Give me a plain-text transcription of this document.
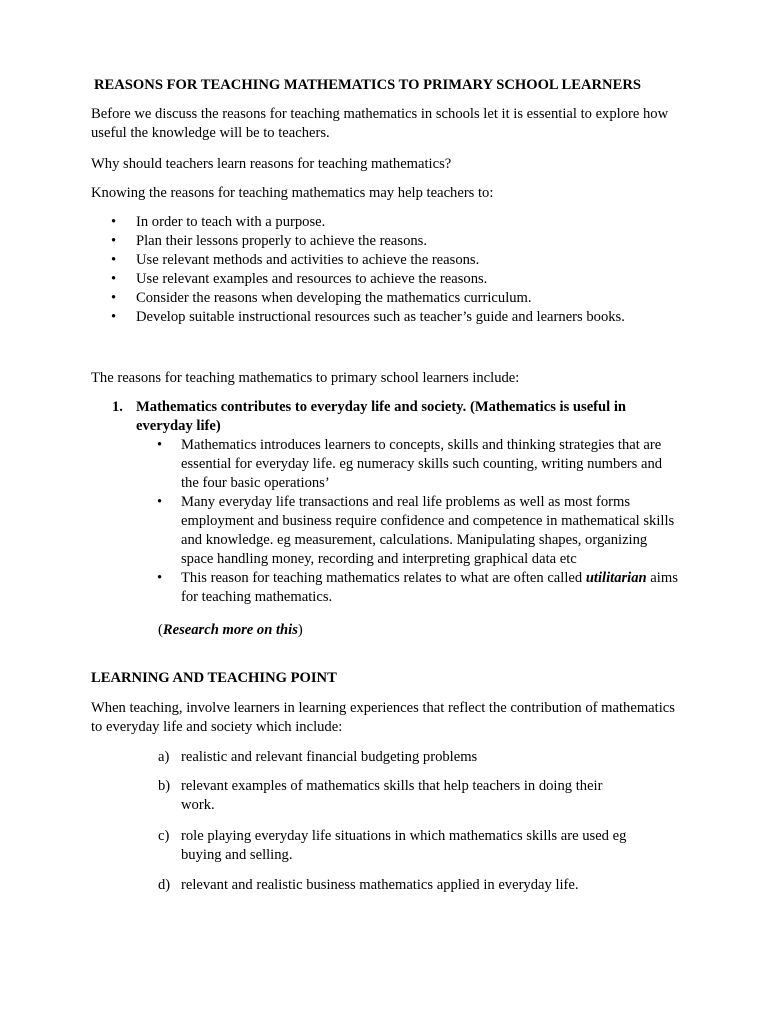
REASONS FOR TEACHING MATHEMATICS TO PRIMARY SCHOOL LEARNERS
Before we discuss the reasons for teaching mathematics in schools let it is essential to explore how useful the knowledge will be to teachers.
Why should teachers learn reasons for teaching mathematics?
Knowing the reasons for teaching mathematics may help teachers to:
• In order to teach with a purpose.
• Plan their lessons properly to achieve the reasons.
• Use relevant methods and activities to achieve the reasons.
• Use relevant examples and resources to achieve the reasons.
• Consider the reasons when developing the mathematics curriculum.
• Develop suitable instructional resources such as teacher’s guide and learners books.
The reasons for teaching mathematics to primary school learners include:
1. Mathematics contributes to everyday life and society. (Mathematics is useful in everyday life)
• Mathematics introduces learners to concepts, skills and thinking strategies that are essential for everyday life. eg numeracy skills such counting, writing numbers and the four basic operations’
• Many everyday life transactions and real life problems as well as most forms employment and business require confidence and competence in mathematical skills and knowledge. eg measurement, calculations. Manipulating shapes, organizing space handling money, recording and interpreting graphical data etc
• This reason for teaching mathematics relates to what are often called utilitarian aims for teaching mathematics.
(Research more on this)
LEARNING AND TEACHING POINT
When teaching, involve learners in learning experiences that reflect the contribution of mathematics to everyday life and society which include:
a) realistic and relevant financial budgeting problems
b) relevant examples of mathematics skills that help teachers in doing their work.
c) role playing everyday life situations in which mathematics skills are used eg buying and selling.
d) relevant and realistic business mathematics applied in everyday life.
